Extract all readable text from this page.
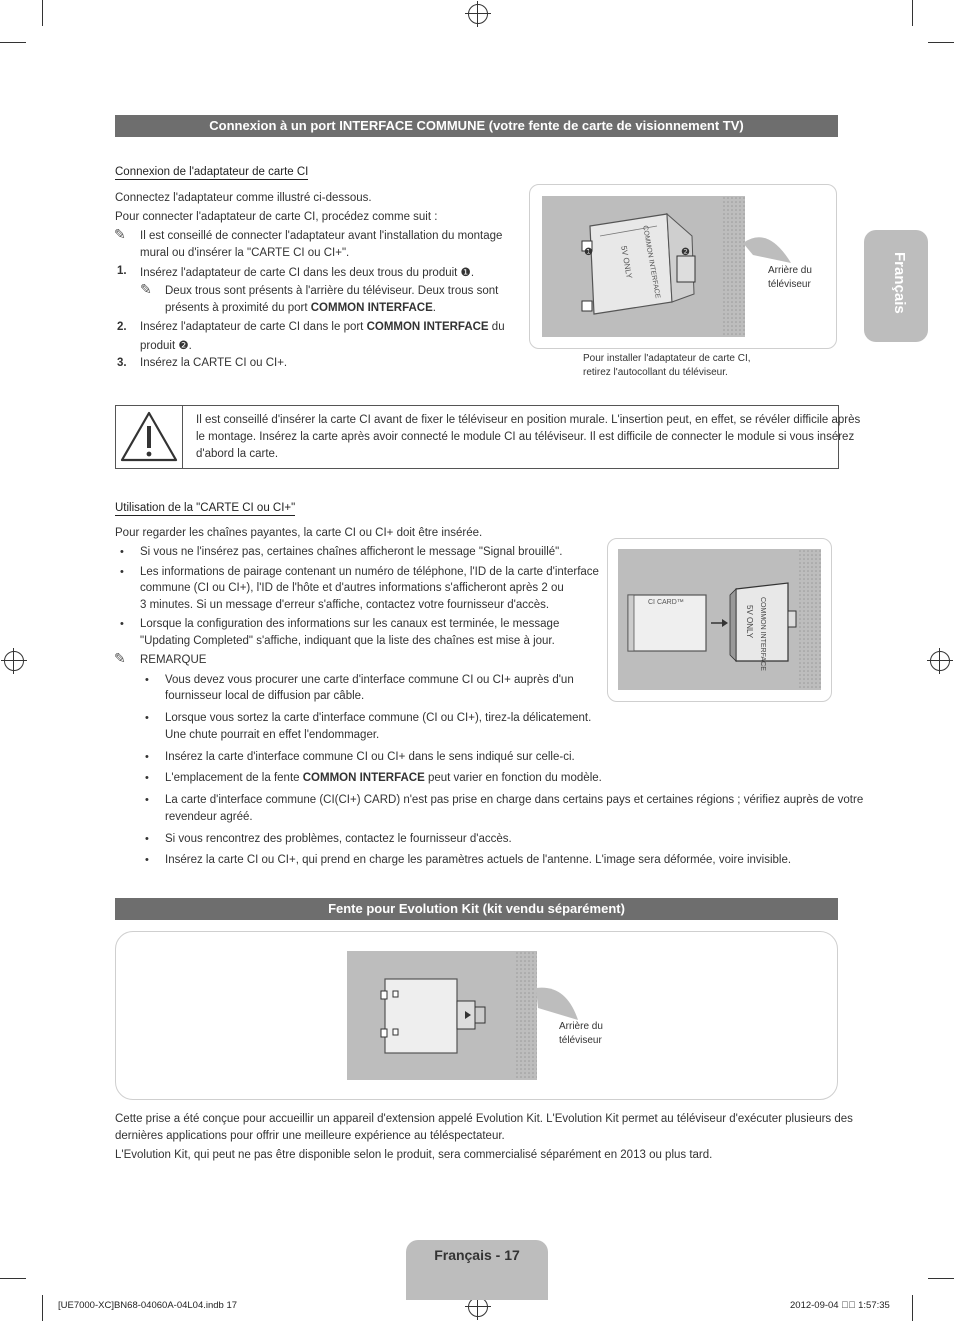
Français
Connexion à un port INTERFACE COMMUNE (votre fente de carte de visionnement TV)
Connexion de l'adaptateur de carte CI
Connectez l'adaptateur comme illustré ci-dessous.
Pour connecter l'adaptateur de carte CI, procédez comme suit :
✎ Il est conseillé de connecter l'adaptateur avant l'installation du montage
mural ou d'insérer la "CARTE CI ou CI+".
1. Insérez l'adaptateur de carte CI dans les deux trous du produit ❶.
✎ Deux trous sont présents à l'arrière du téléviseur. Deux trous sont
présents à proximité du port COMMON INTERFACE.
2. Insérez l'adaptateur de carte CI dans le port COMMON INTERFACE du
produit ❷.
3. Insérez la CARTE CI ou CI+.
❶	❷
5V ONLY COMMON INTERFACE	Arrière du
téléviseur
Pour installer l'adaptateur de carte CI,
retirez l'autocollant du téléviseur.
Il est conseillé d'insérer la carte CI avant de fixer le téléviseur en position murale. L'insertion peut, en effet, se révéler difficile après
le montage. Insérez la carte après avoir connecté le module CI au téléviseur. Il est difficile de connecter le module si vous insérez
d'abord la carte.
Utilisation de la "CARTE CI ou CI+"
Pour regarder les chaînes payantes, la carte CI ou CI+ doit être insérée.
• Si vous ne l'insérez pas, certaines chaînes afficheront le message "Signal brouillé".
• Les informations de pairage contenant un numéro de téléphone, l'ID de la carte d'interface
commune (CI ou CI+), l'ID de l'hôte et d'autres informations s'afficheront après 2 ou
3 minutes. Si un message d'erreur s'affiche, contactez votre fournisseur d'accès.
• Lorsque la configuration des informations sur les canaux est terminée, le message
"Updating Completed" s'affiche, indiquant que la liste des chaînes est mise à jour.
✎ REMARQUE
• Vous devez vous procurer une carte d'interface commune CI ou CI+ auprès d'un
fournisseur local de diffusion par câble.
• Lorsque vous sortez la carte d'interface commune (CI ou CI+), tirez-la délicatement.
Une chute pourrait en effet l'endommager.
• Insérez la carte d'interface commune CI ou CI+ dans le sens indiqué sur celle-ci.
• L'emplacement de la fente COMMON INTERFACE peut varier en fonction du modèle.
• La carte d'interface commune (CI(CI+) CARD) n'est pas prise en charge dans certains pays et certaines régions ; vérifiez auprès de votre
revendeur agréé.
• Si vous rencontrez des problèmes, contactez le fournisseur d'accès.
• Insérez la carte CI ou CI+, qui prend en charge les paramètres actuels de l'antenne. L'image sera déformée, voire invisible.
CI CARD™	COMMON INTERFACE
5V ONLY
Fente pour Evolution Kit (kit vendu séparément)
Arrière du
téléviseur
Cette prise a été conçue pour accueillir un appareil d'extension appelé Evolution Kit. L'Evolution Kit permet au téléviseur d'exécuter plusieurs des
dernières applications pour offrir une meilleure expérience au téléspectateur.
L'Evolution Kit, qui peut ne pas être disponible selon le produit, sera commercialisé séparément en 2013 ou plus tard.
Français - 17
[UE7000-XC]BN68-04060A-04L04.indb 17	2012-09-04 ￿￿ 1:57:35
